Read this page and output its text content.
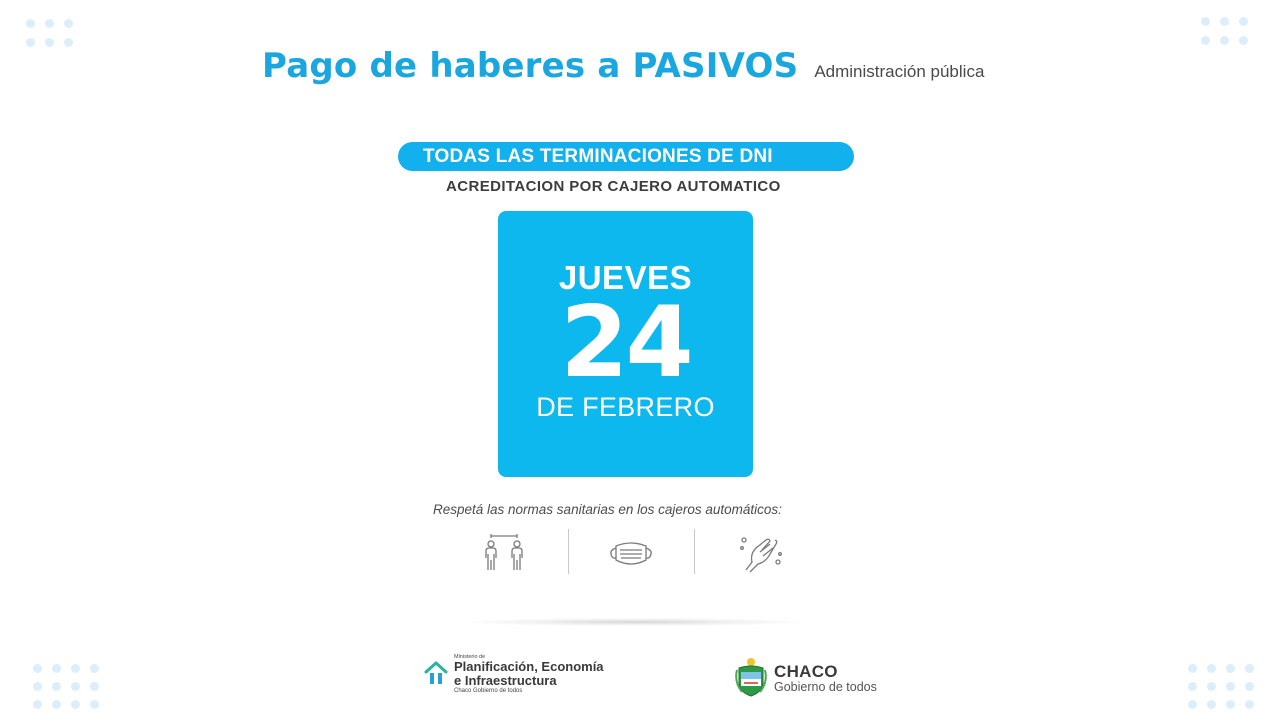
Pago de haberes a PASIVOS Administración pública
TODAS LAS TERMINACIONES DE DNI
ACREDITACION POR CAJERO AUTOMATICO
JUEVES
24
DE FEBRERO
Respetá las normas sanitarias en los cajeros automáticos:
Ministerio de
Planificación, Economía
e Infraestructura
Chaco Gobierno de todos
CHACO
Gobierno de todos
